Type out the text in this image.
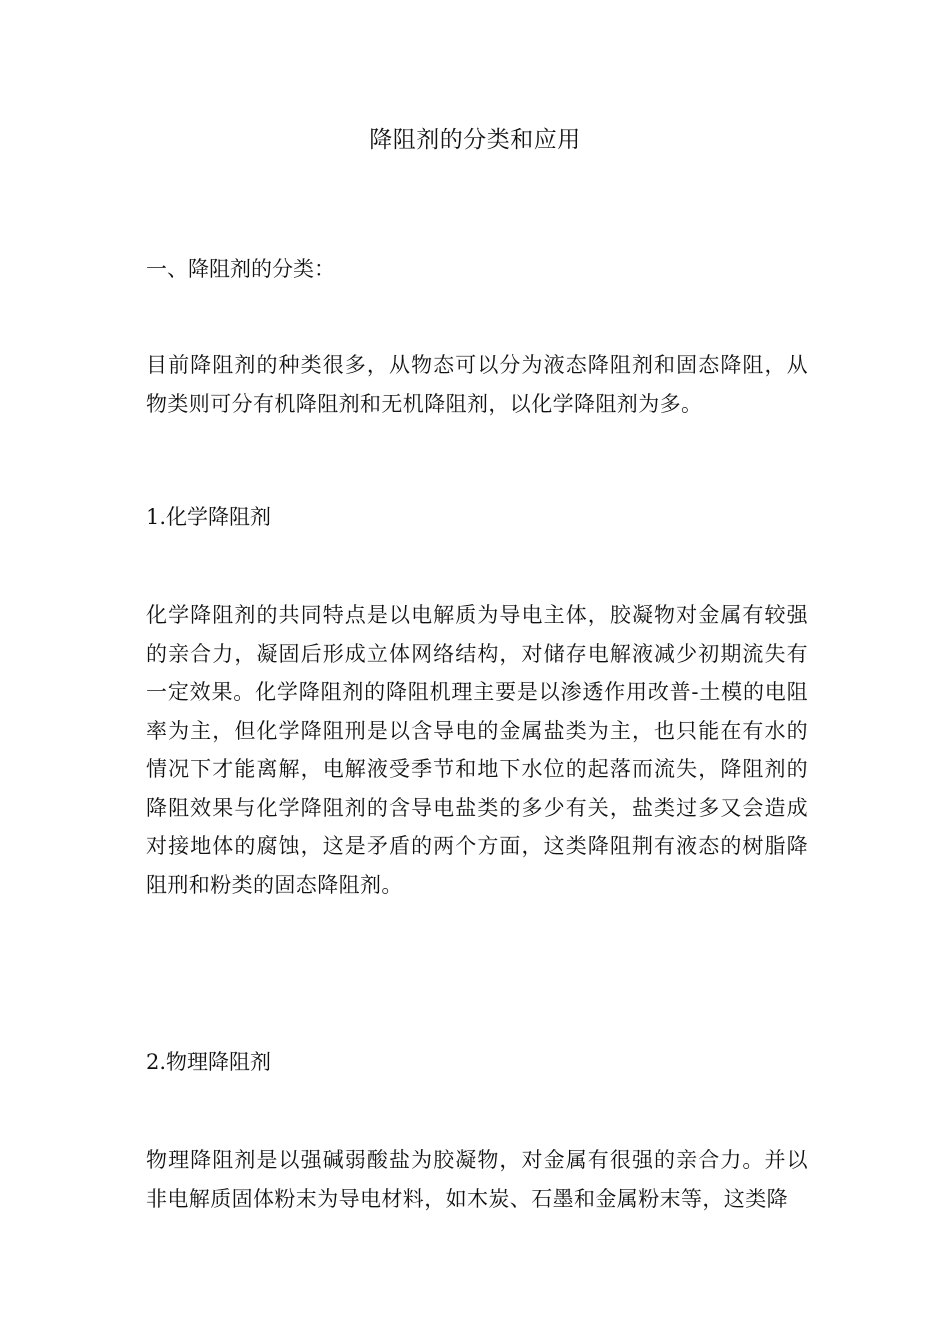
降阻剂的分类和应用
一、降阻剂的分类：
目前降阻剂的种类很多，从物态可以分为液态降阻剂和固态降阻，从物类则可分有机降阻剂和无机降阻剂，以化学降阻剂为多。
1.化学降阻剂
化学降阻剂的共同特点是以电解质为导电主体，胶凝物对金属有较强的亲合力，凝固后形成立体网络结构，对储存电解液减少初期流失有一定效果。化学降阻剂的降阻机理主要是以渗透作用改普-土模的电阻率为主，但化学降阻刑是以含导电的金属盐类为主，也只能在有水的情况下才能离解，电解液受季节和地下水位的起落而流失，降阻剂的降阻效果与化学降阻剂的含导电盐类的多少有关，盐类过多又会造成对接地体的腐蚀，这是矛盾的两个方面，这类降阻荆有液态的树脂降阻刑和粉类的固态降阻剂。
2.物理降阻剂
物理降阻剂是以强碱弱酸盐为胶凝物，对金属有很强的亲合力。并以非电解质固体粉末为导电材料，如木炭、石墨和金属粉末等，这类降
